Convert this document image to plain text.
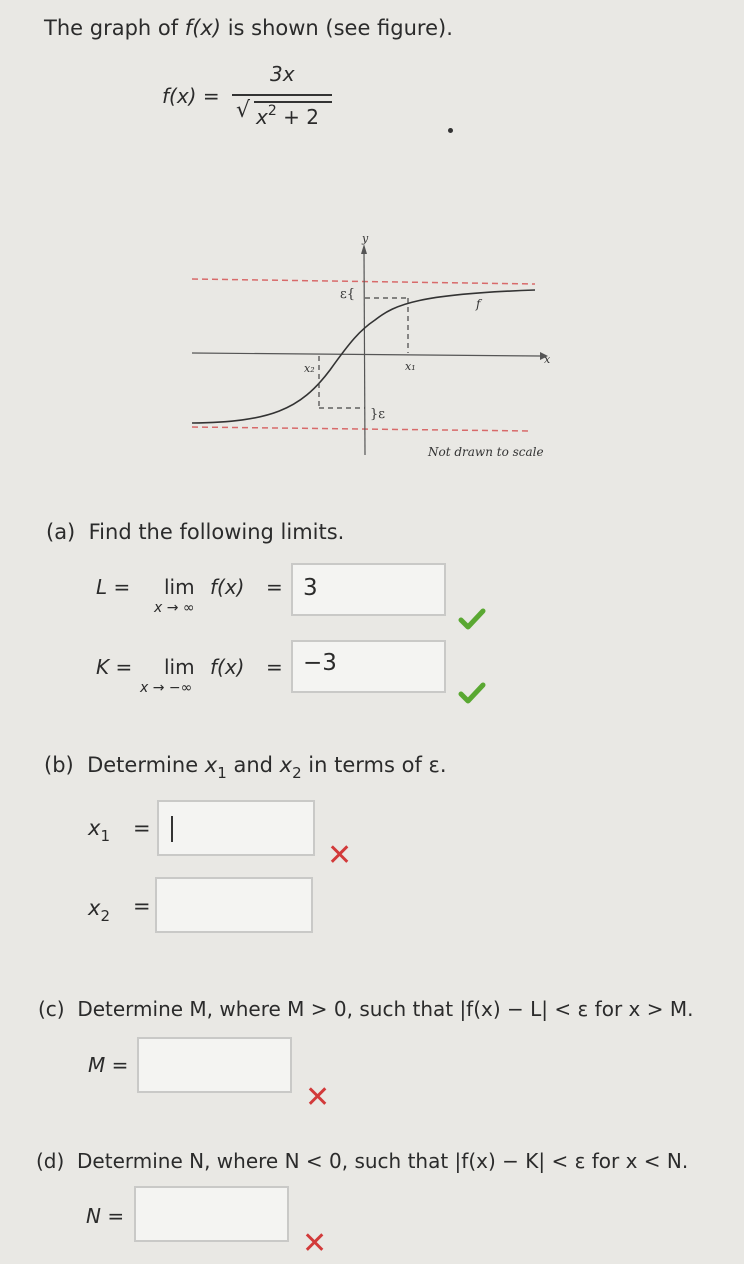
The graph of f(x) is shown (see figure).
f(x) =
3x
√ $x^2 + 2$
y
x
f
ε{
}ε
x₁
x₂
Not drawn to scale
(a) Find the following limits.
L = lim
x → ∞
f(x) = 3
K = lim
x → −∞
f(x) = −3
(b) Determine $x_1$ and $x_2$ in terms of ε.
$x_1$ =
✕
$x_2$ =
(c) Determine M, where M > 0, such that |f(x) − L| < ε for x > M.
M =
✕
(d) Determine N, where N < 0, such that |f(x) − K| < ε for x < N.
N =
✕
